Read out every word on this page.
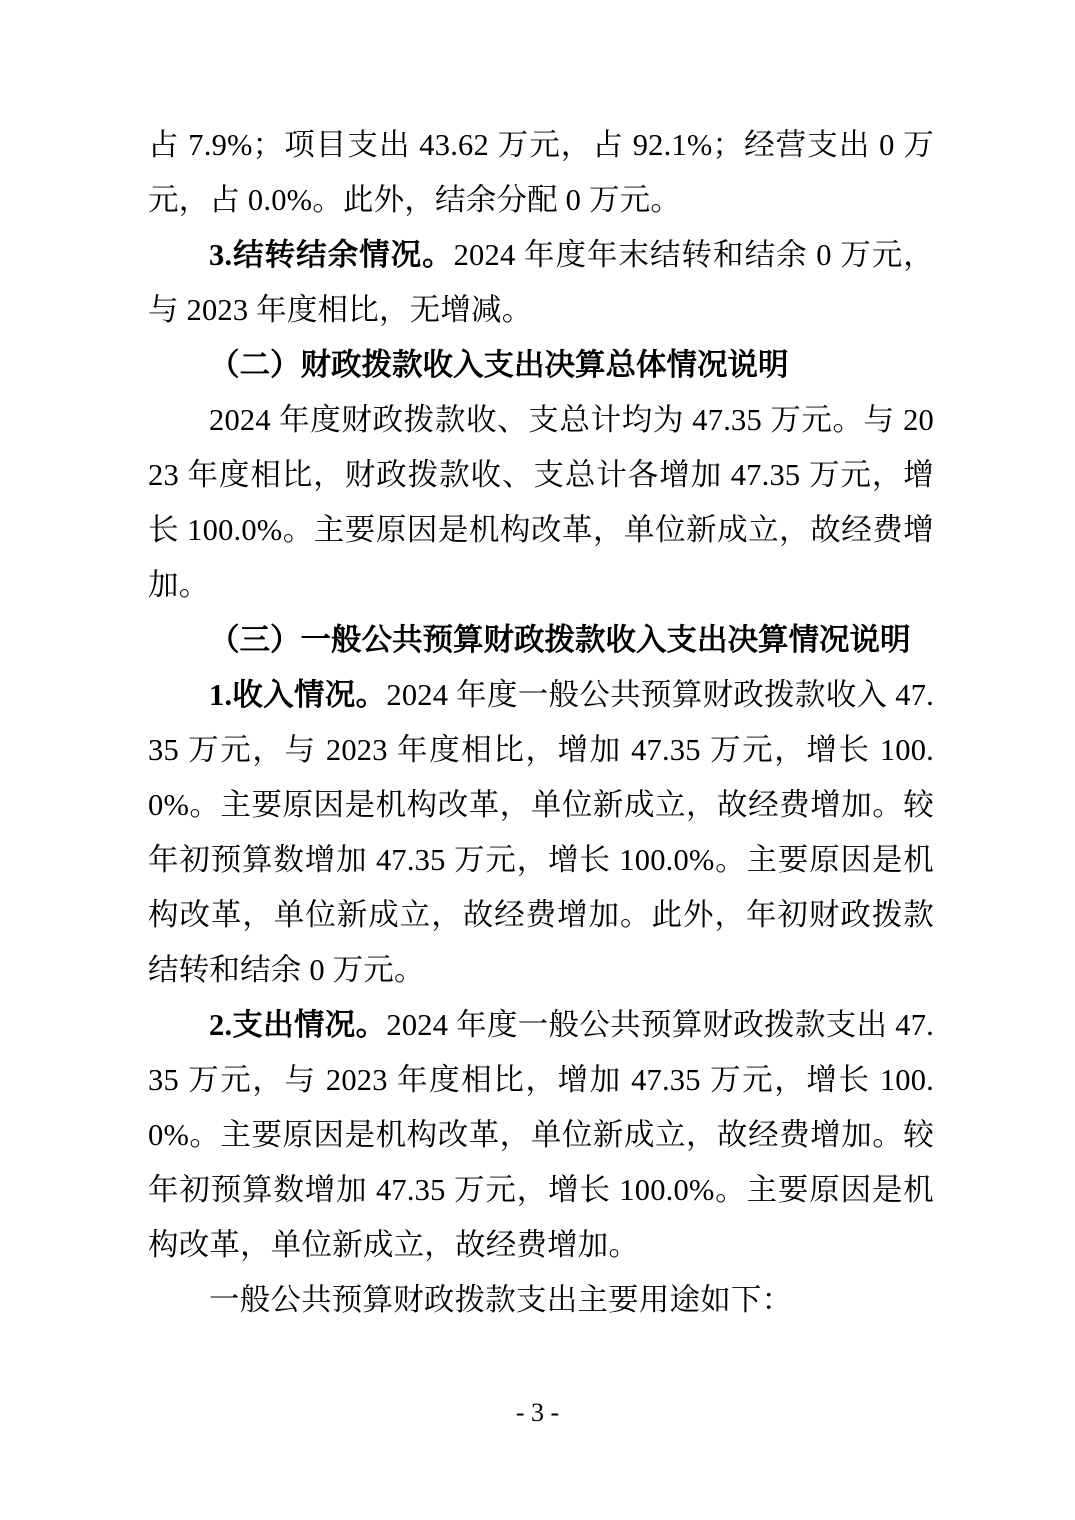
占 7.9%；项目支出 43.62 万元，占 92.1%；经营支出 0 万元，占 0.0%。此外，结余分配 0 万元。

3.结转结余情况。2024 年度年末结转和结余 0 万元，与 2023 年度相比，无增减。

（二）财政拨款收入支出决算总体情况说明

2024 年度财政拨款收、支总计均为 47.35 万元。与 2023 年度相比，财政拨款收、支总计各增加 47.35 万元，增长 100.0%。主要原因是机构改革，单位新成立，故经费增加。

（三）一般公共预算财政拨款收入支出决算情况说明

1.收入情况。2024 年度一般公共预算财政拨款收入 47.35 万元，与 2023 年度相比，增加 47.35 万元，增长 100.0%。主要原因是机构改革，单位新成立，故经费增加。较年初预算数增加 47.35 万元，增长 100.0%。主要原因是机构改革，单位新成立，故经费增加。此外，年初财政拨款结转和结余 0 万元。

2.支出情况。2024 年度一般公共预算财政拨款支出 47.35 万元，与 2023 年度相比，增加 47.35 万元，增长 100.0%。主要原因是机构改革，单位新成立，故经费增加。较年初预算数增加 47.35 万元，增长 100.0%。主要原因是机构改革，单位新成立，故经费增加。

一般公共预算财政拨款支出主要用途如下：

- 3 -
